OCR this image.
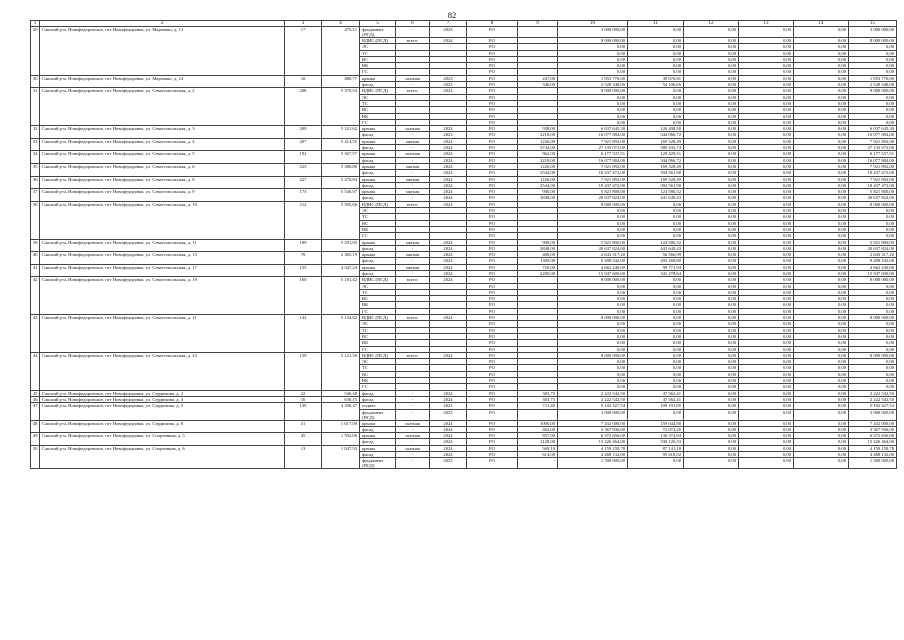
82
1	2	3	4	5	6	7	8	9	10	11	12	13	14	15
29	Сакский р-н, Новофедоровское, пгт Новофедоровка, ул. Марченко, д. 12	17	475,11	фундамент (ПСД)	-	2023	РО		3 000 000,00	0,00	0,00	0,00	0,00	3 000 000,00
				ВДИС (ПСД)	всего:	2024	РО		8 000 000,00	0,00	0,00	0,00	0,00	8 000 000,00
				ЭС			РО		0,00	0,00	0,00	0,00	0,00	0,00
				ТС			РО		0,00	0,00	0,00	0,00	0,00	0,00
				ВС			РО		0,00	0,00	0,00	0,00	0,00	0,00
				ВК			РО		0,00	0,00	0,00	0,00	0,00	0,00
				ГС			РО		0,00	0,00	0,00	0,00	0,00	0,00
30	Сакский р-н, Новофедоровское, пгт Новофедоровка, ул. Марченко, д. 14	10	480,77	крыша	скатная	2023	РО	247,00	1 853 776,00	39 670,81	0,00	0,00	0,00	1 853 776,00
				фасад	-	2023	РО	346,00	2 528 348,00	54 106,65	0,00	0,00	0,00	2 528 348,00
31	Сакский р-н, Новофедоровское, пгт Новофедоровка, ул. Севастопольская, д. 2	208	5 370,54	ВДИС (ПСД)	всего:	2024	РО		8 000 000,00	0,00	0,00	0,00	0,00	8 000 000,00
				ЭС			РО		0,00	0,00	0,00	0,00	0,00	0,00
				ТС			РО		0,00	0,00	0,00	0,00	0,00	0,00
				ВС			РО		0,00	0,00	0,00	0,00	0,00	0,00
				ВК			РО		0,00	0,00	0,00	0,00	0,00	0,00
				ГС			РО		0,00	0,00	0,00	0,00	0,00	0,00
32	Сакский р-н, Новофедоровское, пгт Новофедоровка, ул. Севастопольская, д. 3	209	5 321,62	крыша	скатная	2023	РО	938,00	6 037 645,30	126 498,50	0,00	0,00	0,00	6 037 645,30
				фасад	-	2023	РО	2218,00	16 077 884,00	344 066,72	0,00	0,00	0,00	16 077 884,00
33	Сакский р-н, Новофедоровское, пгт Новофедоровка, ул. Севастопольская, д. 4	207	5 414,55	крыша	мягкая	2024	РО	1226,00	7 921 892,00	169 528,49	0,00	0,00	0,00	7 921 892,00
				фасад	-	2024	РО	3744,00	27 133 072,00	580 433,74	0,00	0,00	0,00	27 133 072,00
34	Сакский р-н, Новофедоровское, пгт Новофедоровка, ул. Севастопольская, д. 5	192	5 367,57	крыша	скатная	2024	РО	962,00	6 177 537,51	129 429,51	0,00	0,00	0,00	6 177 537,51
				фасад	-	2024	РО	2218,00	16 077 884,00	344 066,72	0,00	0,00	0,00	16 077 884,00
35	Сакский р-н, Новофедоровское, пгт Новофедоровка, ул. Севастопольская, д. 6	225	5 386,80	крыша	мягкая	2024	РО	1226,00	7 921 892,00	169 528,49	0,00	0,00	0,00	7 921 892,00
				фасад	-	2024	РО	2544,00	18 437 472,00	394 561,90	0,00	0,00	0,00	18 437 472,00
36	Сакский р-н, Новофедоровское, пгт Новофедоровка, ул. Севастопольская, д. 8	227	5 476,84	крыша	мягкая	2024	РО	1226,00	7 921 892,00	169 528,49	0,00	0,00	0,00	7 921 892,00
				фасад	-	2024	РО	2544,00	18 437 472,00	394 561,90	0,00	0,00	0,00	18 437 472,00
37	Сакский р-н, Новофедоровское, пгт Новофедоровка, ул. Севастопольская, д. 9	173	5 546,97	крыша	мягкая	2024	РО	900,00	5 821 800,00	124 586,52	0,00	0,00	0,00	5 821 800,00
				фасад	-	2024	РО	2848,00	20 637 824,00	441 649,43	0,00	0,00	0,00	20 637 824,00
38	Сакский р-н, Новофедоровское, пгт Новофедоровка, ул. Севастопольская, д. 10	212	5 505,66	ВДИС (ПСД)	всего:	2024	РО		8 000 000,00	0,00	0,00	0,00	0,00	8 000 000,00
				ЭС			РО		0,00	0,00	0,00	0,00	0,00	0,00
				ТС			РО		0,00	0,00	0,00	0,00	0,00	0,00
				ВС			РО		0,00	0,00	0,00	0,00	0,00	0,00
				ВК			РО		0,00	0,00	0,00	0,00	0,00	0,00
				ГС			РО		0,00	0,00	0,00	0,00	0,00	0,00
39	Сакский р-н, Новофедоровское, пгт Новофедоровка, ул. Севастопольская, д. 11	189	5 591,95	крыша	мягкая	2024	РО	900,00	5 821 800,00	124 586,52	0,00	0,00	0,00	5 821 800,00
				фасад	-	2024	РО	2848,00	20 637 824,00	441 649,43	0,00	0,00	0,00	20 637 824,00
40	Сакский р-н, Новофедоровское, пгт Новофедоровка, ул. Севастопольская, д. 15	78	2 365,19	крыша	мягкая	2024	РО	406,00	2 643 317,20	56 566,99	0,00	0,00	0,00	2 643 317,20
				фасад	-	2024	РО	1309,00	9 498 542,00	203 268,80	0,00	0,00	0,00	9 498 542,00
41	Сакский р-н, Новофедоровское, пгт Новофедоровка, ул. Севастопольская, д. 17	155	4 347,24	крыша	мягкая	2024	РО	720,00	4 662 240,00	99 771,94	0,00	0,00	0,00	4 662 240,00
				фасад	-	2024	РО	2200,00	15 947 600,00	341 278,64	0,00	0,00	0,00	15 947 600,00
42	Сакский р-н, Новофедоровское, пгт Новофедоровка, ул. Севастопольская, д. 19	160	5 181,42	ВДИС (ПСД)	всего:	2024	РО		8 000 000,00	0,00	0,00	0,00	0,00	8 000 000,00
				ЭС			РО		0,00	0,00	0,00	0,00	0,00	0,00
				ТС			РО		0,00	0,00	0,00	0,00	0,00	0,00
				ВС			РО		0,00	0,00	0,00	0,00	0,00	0,00
				ВК			РО		0,00	0,00	0,00	0,00	0,00	0,00
				ГС			РО		0,00	0,00	0,00	0,00	0,00	0,00
43	Сакский р-н, Новофедоровское, пгт Новофедоровка, ул. Севастопольская, д. 21	142	5 134,82	ВДИС (ПСД)	всего:	2024	РО		8 000 000,00	0,00	0,00	0,00	0,00	8 000 000,00
				ЭС			РО		0,00	0,00	0,00	0,00	0,00	0,00
				ТС			РО		0,00	0,00	0,00	0,00	0,00	0,00
				ВС			РО		0,00	0,00	0,00	0,00	0,00	0,00
				ВК			РО		0,00	0,00	0,00	0,00	0,00	0,00
				ГС			РО		0,00	0,00	0,00	0,00	0,00	0,00
44	Сакский р-н, Новофедоровское, пгт Новофедоровка, ул. Севастопольская, д. 23	159	5 121,50	ВДИС (ПСД)	всего:	2024	РО		8 000 000,00	0,00	0,00	0,00	0,00	8 000 000,00
				ЭС			РО		0,00	0,00	0,00	0,00	0,00	0,00
				ТС			РО		0,00	0,00	0,00	0,00	0,00	0,00
				ВС			РО		0,00	0,00	0,00	0,00	0,00	0,00
				ВК			РО		0,00	0,00	0,00	0,00	0,00	0,00
				ГС			РО		0,00	0,00	0,00	0,00	0,00	0,00
45	Сакский р-н, Новофедоровское, пгт Новофедоровка, ул. Сердюкова, д. 2	22	546,48	фасад	-	2024	РО	303,75	2 222 542,50	47 562,41	0,00	0,00	0,00	2 222 542,50
46	Сакский р-н, Новофедоровское, пгт Новофедоровка, ул. Сердюкова, д. 4	10	630,15	фасад	-	2024	РО	303,75	2 222 542,50	47 562,41	0,00	0,00	0,00	2 222 542,50
47	Сакский р-н, Новофедоровское, пгт Новофедоровка, ул. Сердюкова, д. 5	139	4 296,47	подвал	-	2023	РО	711,40	5 102 427,54	109 191,95	0,00	0,00	0,00	5 102 427,54
				фундамент (ПСД)	-	2023	РО		3 000 000,00	0,00	0,00	0,00	0,00	3 000 000,00
48	Сакский р-н, Новофедоровское, пгт Новофедоровка, ул. Сердюкова, д. 8	31	1 617,00	крыша	скатная	2024	РО	1000,00	7 432 000,00	159 044,80	0,00	0,00	0,00	7 432 000,00
				фасад	-	2024	РО	462,00	3 367 936,00	72 074,26	0,00	0,00	0,00	3 367 936,00
49	Сакский р-н, Новофедоровское, пгт Новофедоровка, ул. Спортивная, д. 5	45	1 592,06	крыша	скатная	2024	РО	857,00	6 372 656,00	136 374,84	0,00	0,00	0,00	6 372 656,00
				фасад	-	2024	РО	2128,00	15 426 464,00	330 126,33	0,00	0,00	0,00	15 426 464,00
50	Сакский р-н, Новофедоровское, пгт Новофедоровка, ул. Спортивная, д. 6	13	1 047,53	крыша	скатная	2024	РО	569,10	4 159 158,78	87 141,18	0,00	0,00	0,00	4 159 158,78
				фасад	-	2024	РО	614,00	4 468 132,00	95 618,02	0,00	0,00	0,00	4 468 132,00
				фундамент (ПСД)	-	2023	РО	-	1 500 000,00	0,00	0,00	0,00	0,00	1 500 000,00
